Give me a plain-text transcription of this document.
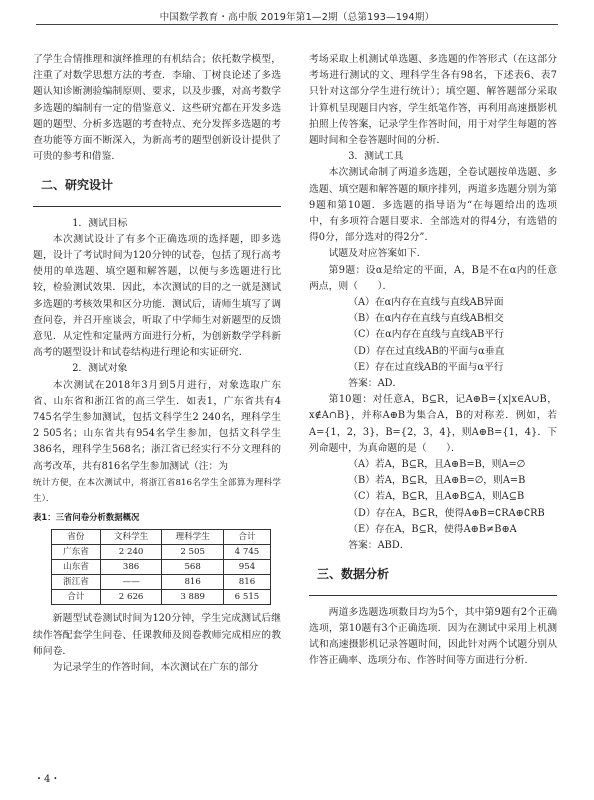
中国数学教育・高中版 2019年第1—2期（总第193—194期）

了学生合情推理和演绎推理的有机结合；依托数学模型，注重了对数学思想方法的考查．李瑜、丁树良论述了多选题认知诊断测验编制原则、要求，以及步骤，对高考数学多选题的编制有一定的借鉴意义．这些研究都在开发多选题的题型、分析多选题的考查特点、充分发挥多选题的考查功能等方面不断深入，为新高考的题型创新设计提供了可贵的参考和借鉴．

二、研究设计

1．测试目标

本次测试设计了有多个正确选项的选择题，即多选题，设计了考试时间为120分钟的试卷，包括了现行高考使用的单选题、填空题和解答题，以便与多选题进行比较，检验测试效果．因此，本次测试的目的之一就是测试多选题的考核效果和区分功能．测试后，请师生填写了调查问卷，并召开座谈会，听取了中学师生对新题型的反馈意见．从定性和定量两方面进行分析，为创新数学学科新高考的题型设计和试卷结构进行理论和实证研究．

2．测试对象

本次测试在2018年3月到5月进行，对象选取广东省、山东省和浙江省的高三学生．如表1，广东省共有4 745名学生参加测试，包括文科学生2 240名，理科学生2 505名；山东省共有954名学生参加，包括文科学生386名，理科学生568名；浙江省已经实行不分文理科的高考改革，共有816名学生参加测试（注：为

统计方便，在本次测试中，将浙江省816名学生全部算为理科学生）．

表1：三省问卷分析数据概况
省份	文科学生	理科学生	合计
广东省	2 240	2 505	4 745
山东省	386	568	954
浙江省	——	816	816
合计	2 626	3 889	6 515

新题型试卷测试时间为120分钟，学生完成测试后继续作答配套学生问卷、任课教师及阅卷教师完成相应的教师问卷．

为记录学生的作答时间，本次测试在广东的部分

考场采取上机测试单选题、多选题的作答形式（在这部分考场进行测试的文、理科学生各有98名，下述表6、表7只针对这部分学生进行统计）；填空题、解答题部分采取计算机呈现题目内容，学生纸笔作答，再利用高速摄影机拍照上传答案，记录学生作答时间，用于对学生每题的答题时间和全卷答题时间的分析．

3．测试工具

本次测试命制了两道多选题，全卷试题按单选题、多选题、填空题和解答题的顺序排列，两道多选题分别为第9题和第10题．多选题的指导语为“在每题给出的选项中，有多项符合题目要求．全部选对的得4分，有选错的得0分，部分选对的得2分”．

试题及对应答案如下．

第9题：设α是给定的平面，A，B是不在α内的任意两点，则（　　）．

（A）在α内存在直线与直线AB异面

（B）在α内存在直线与直线AB相交

（C）在α内存在直线与直线AB平行

（D）存在过直线AB的平面与α垂直

（E）存在过直线AB的平面与α平行

答案：AD．

第10题：对任意A，B⊆R，记A⊕B={x|x∈A∪B，x∉A∩B}，并称A⊕B为集合A，B的对称差．例如，若A={1，2，3}，B={2，3，4}，则A⊕B={1，4}．下列命题中，为真命题的是（　　）．

（A）若A，B⊆R，且A⊕B=B，则A=∅

（B）若A，B⊆R，且A⊕B=∅，则A=B

（C）若A，B⊆R，且A⊕B⊆A，则A⊆B

（D）存在A，B⊆R，使得A⊕B=∁RA⊕∁RB

（E）存在A，B⊆R，使得A⊕B≠B⊕A

答案：ABD．

三、数据分析

两道多选题选项数目均为5个，其中第9题有2个正确选项，第10题有3个正确选项．因为在测试中采用上机测试和高速摄影机记录答题时间，因此针对两个试题分别从作答正确率、选项分布、作答时间等方面进行分析．

・4・
